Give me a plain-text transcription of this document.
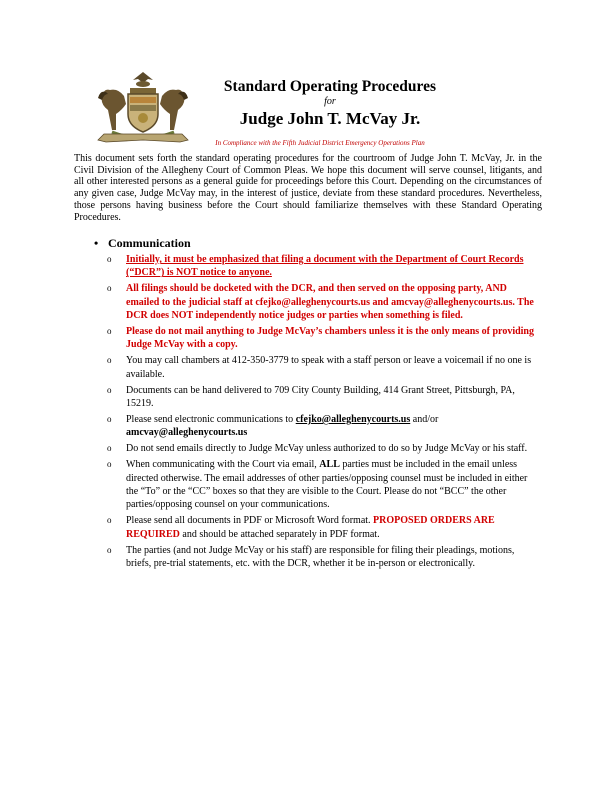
Standard Operating Procedures
for
Judge John T. McVay Jr.
In Compliance with the Fifth Judicial District Emergency Operations Plan
This document sets forth the standard operating procedures for the courtroom of Judge John T. McVay, Jr. in the Civil Division of the Allegheny Court of Common Pleas. We hope this document will serve counsel, litigants, and all other interested persons as a general guide for proceedings before this Court. Depending on the circumstances of any given case, Judge McVay may, in the interest of justice, deviate from these standard procedures. Nevertheless, those persons having business before the Court should familiarize themselves with these Standard Operating Procedures.
• Communication
o Initially, it must be emphasized that filing a document with the Department of Court Records (“DCR”) is NOT notice to anyone.
o All filings should be docketed with the DCR, and then served on the opposing party, AND emailed to the judicial staff at cfejko@alleghenycourts.us and amcvay@alleghenycourts.us. The DCR does NOT independently notice judges or parties when something is filed.
o Please do not mail anything to Judge McVay’s chambers unless it is the only means of providing Judge McVay with a copy.
o You may call chambers at 412-350-3779 to speak with a staff person or leave a voicemail if no one is available.
o Documents can be hand delivered to 709 City County Building, 414 Grant Street, Pittsburgh, PA, 15219.
o Please send electronic communications to cfejko@alleghenycourts.us and/or amcvay@alleghenycourts.us
o Do not send emails directly to Judge McVay unless authorized to do so by Judge McVay or his staff.
o When communicating with the Court via email, ALL parties must be included in the email unless directed otherwise. The email addresses of other parties/opposing counsel must be included in either the “To” or the “CC” boxes so that they are visible to the Court. Please do not “BCC” the other parties/opposing counsel on your communications.
o Please send all documents in PDF or Microsoft Word format. PROPOSED ORDERS ARE REQUIRED and should be attached separately in PDF format.
o The parties (and not Judge McVay or his staff) are responsible for filing their pleadings, motions, briefs, pre-trial statements, etc. with the DCR, whether it be in-person or electronically.
